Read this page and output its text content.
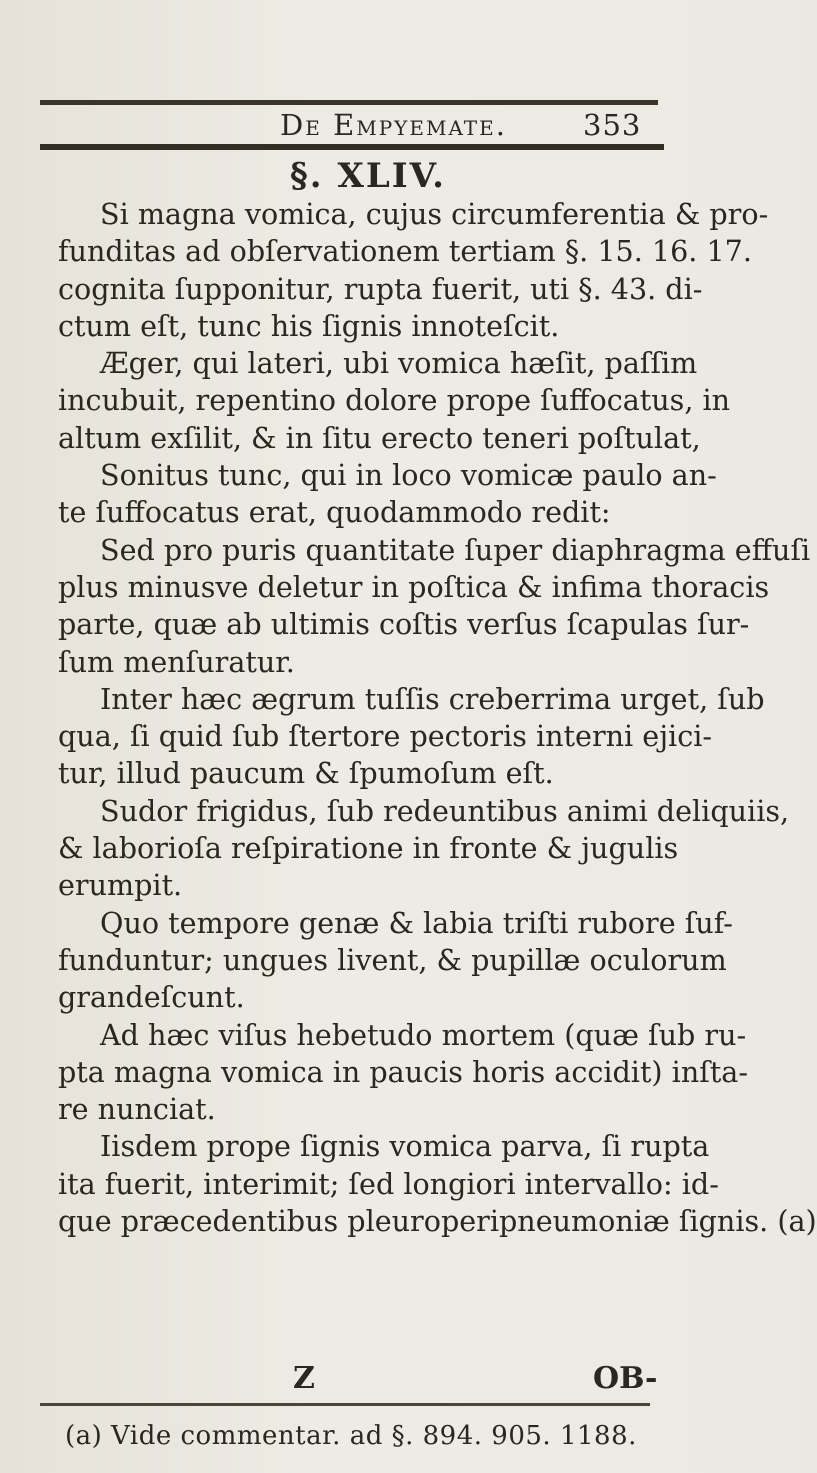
De Empyemate.	353
§. XLIV.
Si magna vomica, cujus circumferentia & pro-
funditas ad obſervationem tertiam §. 15. 16. 17.
cognita ſupponitur, rupta fuerit, uti §. 43. di-
ctum eſt, tunc his ſignis innoteſcit.
Æger, qui lateri, ubi vomica hæſit, paſſim
incubuit, repentino dolore prope ſuffocatus, in
altum exſilit, & in ſitu erecto teneri poſtulat,
Sonitus tunc, qui in loco vomicæ paulo an-
te ſuffocatus erat, quodammodo redit:
Sed pro puris quantitate ſuper diaphragma effuſi
plus minusve deletur in poſtica & infima thoracis
parte, quæ ab ultimis coſtis verſus ſcapulas ſur-
ſum menſuratur.
Inter hæc ægrum tuſſis creberrima urget, ſub
qua, ſi quid ſub ſtertore pectoris interni ejici-
tur, illud paucum & ſpumoſum eſt.
Sudor frigidus, ſub redeuntibus animi deliquiis,
& laborioſa reſpiratione in fronte & jugulis
erumpit.
Quo tempore genæ & labia triſti rubore ſuf-
funduntur; ungues livent, & pupillæ oculorum
grandeſcunt.
Ad hæc viſus hebetudo mortem (quæ ſub ru-
pta magna vomica in paucis horis accidit) inſta-
re nunciat.
Iisdem prope ſignis vomica parva, ſi rupta
ita fuerit, interimit; ſed longiori intervallo: id-
que præcedentibus pleuroperipneumoniæ ſignis. (a)
Z	OB-
(a) Vide commentar. ad §. 894. 905. 1188.
